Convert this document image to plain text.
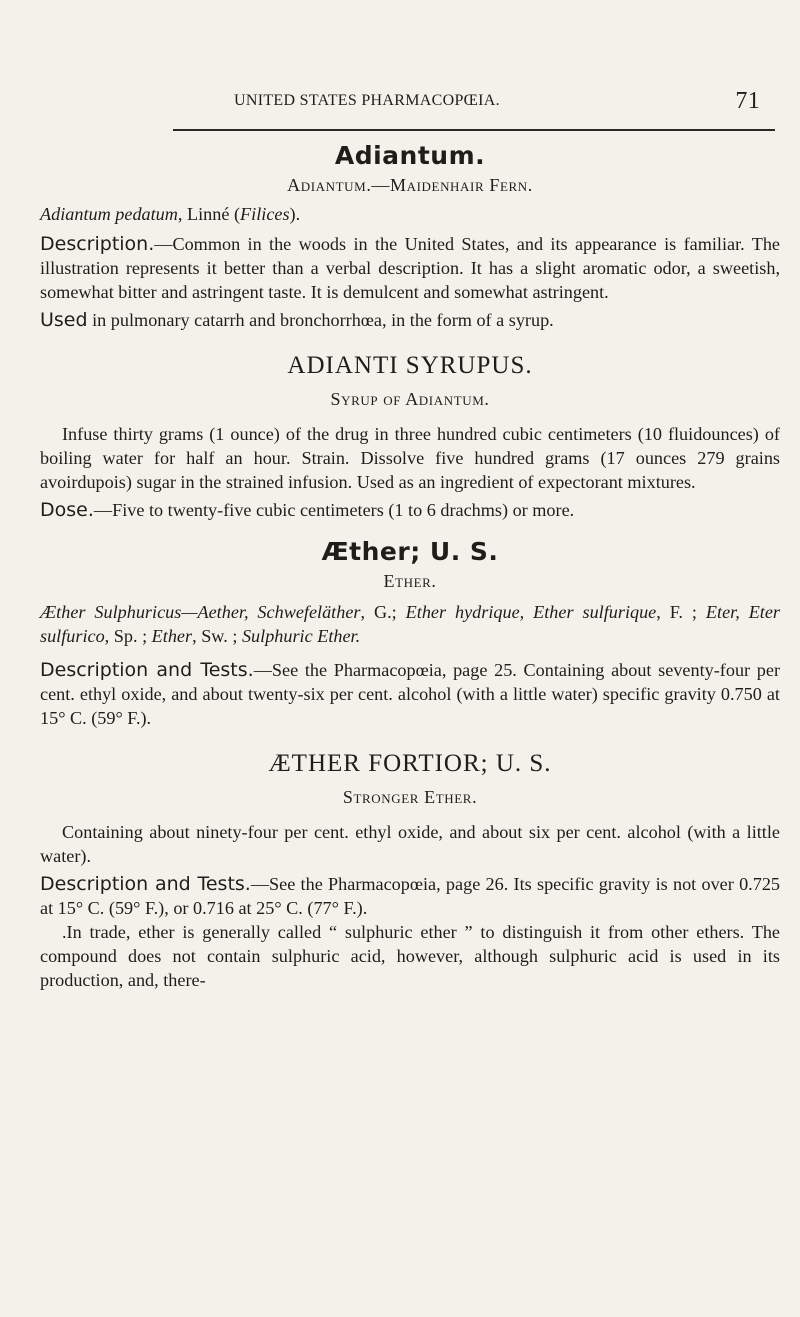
UNITED STATES PHARMACOPŒIA.	71

Adiantum.

Adiantum.—Maidenhair Fern.

Adiantum pedatum, Linné (Filices).

Description.—Common in the woods in the United States, and its appearance is familiar. The illustration represents it better than a verbal description. It has a slight aromatic odor, a sweetish, somewhat bitter and astringent taste. It is demulcent and somewhat astringent.

Used in pulmonary catarrh and bronchorrhœa, in the form of a syrup.

ADIANTI SYRUPUS.

Syrup of Adiantum.

Infuse thirty grams (1 ounce) of the drug in three hundred cubic centimeters (10 fluidounces) of boiling water for half an hour. Strain. Dissolve five hundred grams (17 ounces 279 grains avoirdupois) sugar in the strained infusion. Used as an ingredient of expectorant mixtures.

Dose.—Five to twenty-five cubic centimeters (1 to 6 drachms) or more.

Æther; U. S.

Ether.

Æther Sulphuricus—Aether, Schwefeläther, G.; Ether hydrique, Ether sulfurique, F. ; Eter, Eter sulfurico, Sp. ; Ether, Sw. ; Sulphuric Ether.

Description and Tests.—See the Pharmacopœia, page 25. Containing about seventy-four per cent. ethyl oxide, and about twenty-six per cent. alcohol (with a little water) specific gravity 0.750 at 15° C. (59° F.).

ÆTHER FORTIOR; U. S.

Stronger Ether.

Containing about ninety-four per cent. ethyl oxide, and about six per cent. alcohol (with a little water).

Description and Tests.—See the Pharmacopœia, page 26. Its specific gravity is not over 0.725 at 15° C. (59° F.), or 0.716 at 25° C. (77° F.).

.In trade, ether is generally called “ sulphuric ether ” to distinguish it from other ethers. The compound does not contain sulphuric acid, however, although sulphuric acid is used in its production, and, there-
